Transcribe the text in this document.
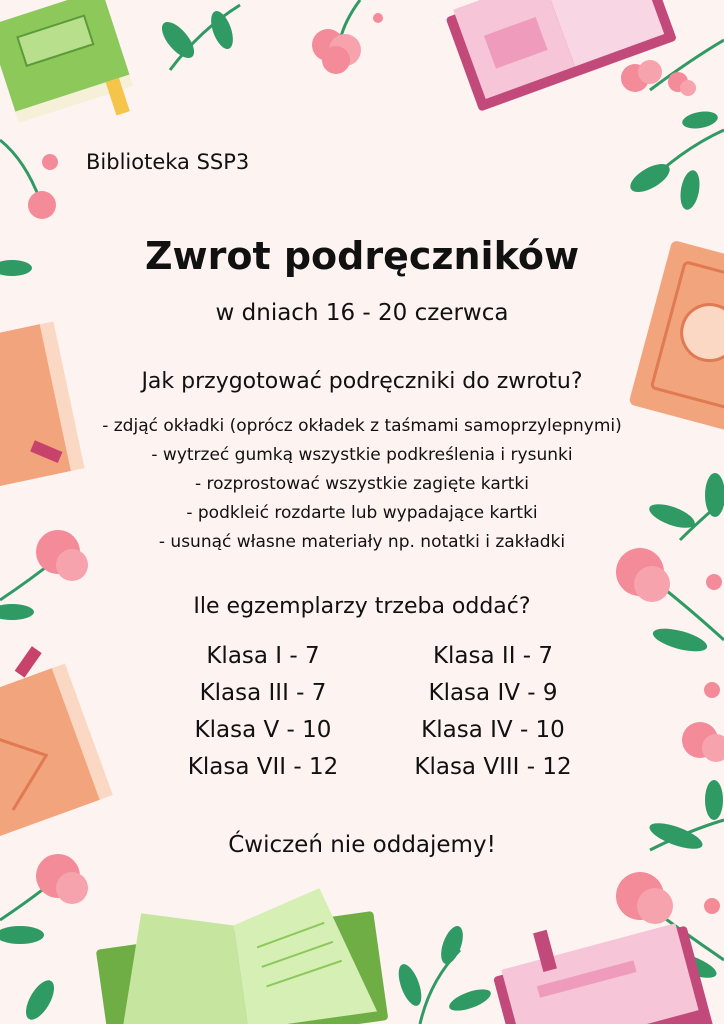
Biblioteka SSP3
Zwrot podręczników
w dniach 16 - 20 czerwca
Jak przygotować podręczniki do zwrotu?
- zdjąć okładki (oprócz okładek z taśmami samoprzylepnymi)
- wytrzeć gumką wszystkie podkreślenia i rysunki
- rozprostować wszystkie zagięte kartki
- podkleić rozdarte lub wypadające kartki
- usunąć własne materiały np. notatki i zakładki
Ile egzemplarzy trzeba oddać?
Klasa I - 7	Klasa II - 7
Klasa III - 7	Klasa IV - 9
Klasa V - 10	Klasa IV - 10
Klasa VII - 12	Klasa VIII - 12
Ćwiczeń nie oddajemy!
